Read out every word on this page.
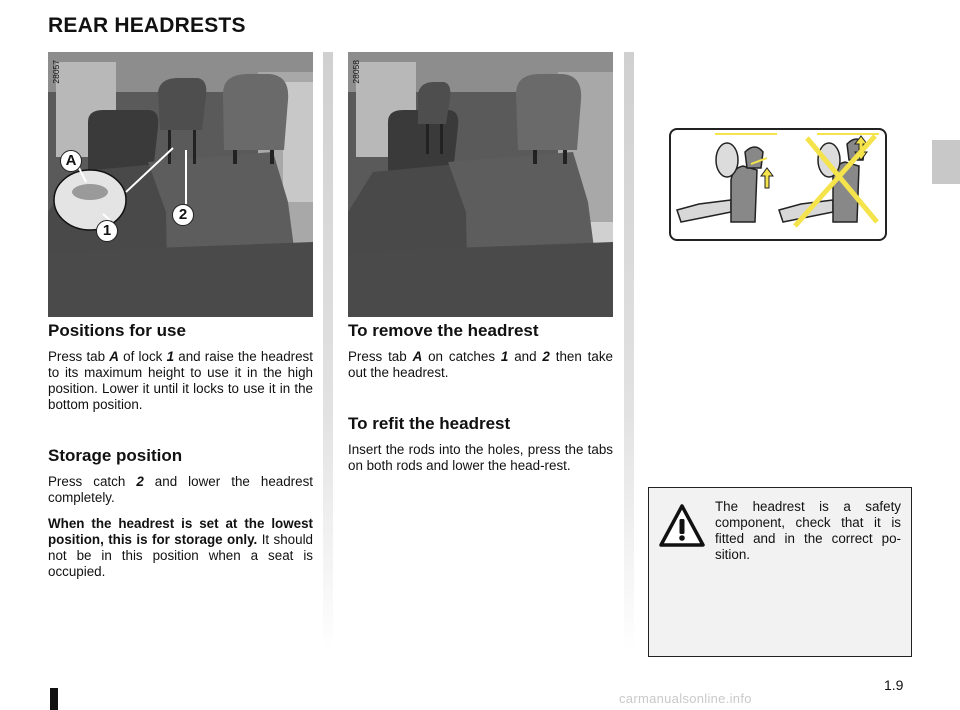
REAR HEADRESTS
28057
A
1
2
28058
Positions for use
Press tab A of lock 1 and raise the headrest to its maximum height to use it in the high position. Lower it until it locks to use it in the bottom position.
Storage position
Press catch 2 and lower the headrest completely.
When the headrest is set at the lowest position, this is for storage only. It should not be in this position when a seat is occupied.
To remove the headrest
Press tab A on catches 1 and 2 then take out the headrest.
To refit the headrest
Insert the rods into the holes, press the tabs on both rods and lower the head-rest.
The headrest is a safety component, check that it is fitted and in the correct po-sition.
1.9
carmanualsonline.info
